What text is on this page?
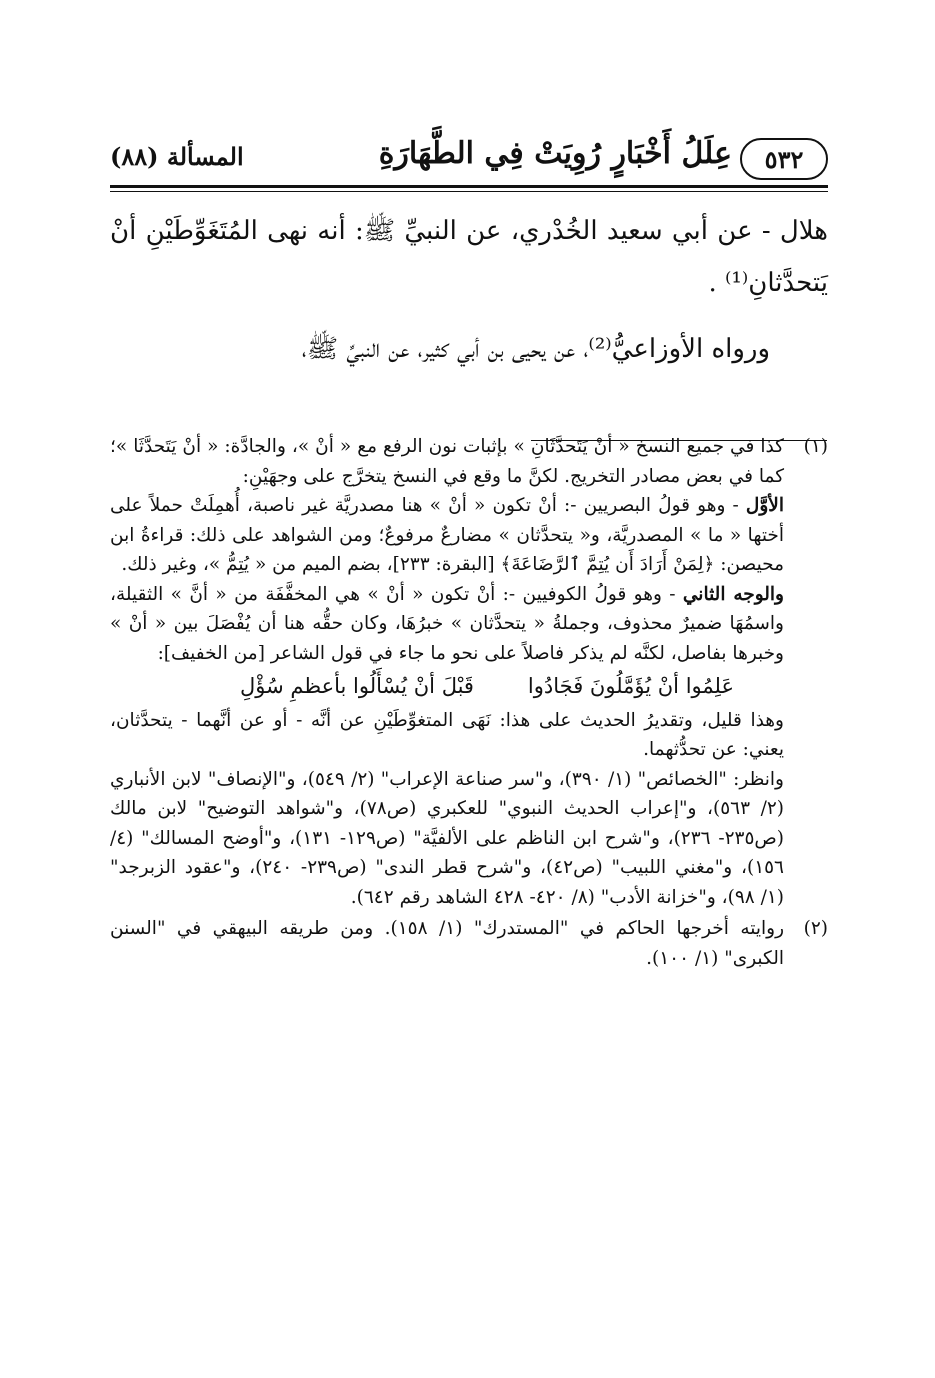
٥٣٢
عِلَلُ أَخْبَارٍ رُوِيَتْ فِي الطَّهَارَةِ
المسألة (٨٨)

هلال - عن أبي سعيد الخُدْري، عن النبيِّ ﷺ: أنه نهى المُتَغَوِّطَيْنِ أنْ يَتحدَّثانِ⁽¹⁾ .

ورواه الأوزاعيُّ⁽²⁾، عن يحيى بن أبي كثير، عن النبيِّ ﷺ،

(١)

كذا في جميع النسخ « أنْ يَتَحدَّثَانِ » بإثبات نون الرفع مع « أنْ »، والجادَّة: « أنْ يَتَحدَّثَا »؛ كما في بعض مصادر التخريج. لكنَّ ما وقع في النسخ يتخرَّج على وجهَيْنِ:

الأوَّل - وهو قولُ البصريين -: أنْ تكون « أنْ » هنا مصدريَّة غير ناصبة، أُهمِلَتْ حملاً على أختها « ما » المصدريَّة، و« يتحدَّثان » مضارعٌ مرفوعٌ؛ ومن الشواهد على ذلك: قراءةُ ابن محيصن: ﴿لِمَنْ أَرَادَ أَن يُتِمَّ ٱلرَّضَاعَةَ﴾ [البقرة: ٢٣٣]، بضم الميم من « يُتِمُّ »، وغير ذلك.

والوجه الثاني - وهو قولُ الكوفيين -: أنْ تكون « أنْ » هي المخفَّفَة من « أنَّ » الثقيلة، واسمُهَا ضميرٌ محذوف، وجملةُ « يتحدَّثان » خبرُهَا، وكان حقُّه هنا أن يُفْصَلَ بين « أنْ » وخبرها بفاصل، لكنَّه لم يذكر فاصلاً على نحو ما جاء في قول الشاعر [من الخفيف]:

عَلِمُوا أنْ يُؤَمَّلُونَ فَجَادُوا
قَبْلَ أنْ يُسْأَلُوا بأعظمِ سُؤْلِ

وهذا قليل، وتقديرُ الحديث على هذا: نَهَى المتغوِّطَيْنِ عن أنَّه - أو عن أنَّهما - يتحدَّثان، يعني: عن تحدُّثهما.

وانظر: "الخصائص" (١/ ٣٩٠)، و"سر صناعة الإعراب" (٢/ ٥٤٩)، و"الإنصاف" لابن الأنباري (٢/ ٥٦٣)، و"إعراب الحديث النبوي" للعكبري (ص٧٨)، و"شواهد التوضيح" لابن مالك (ص٢٣٥- ٢٣٦)، و"شرح ابن الناظم على الألفيَّة" (ص١٢٩- ١٣١)، و"أوضح المسالك" (٤/ ١٥٦)، و"مغني اللبيب" (ص٤٢)، و"شرح قطر الندى" (ص٢٣٩- ٢٤٠)، و"عقود الزبرجد" (١/ ٩٨)، و"خزانة الأدب" (٨/ ٤٢٠- ٤٢٨ الشاهد رقم ٦٤٢).

(٢)

روايته أخرجها الحاكم في "المستدرك" (١/ ١٥٨). ومن طريقه البيهقي في "السنن الكبرى" (١/ ١٠٠).
